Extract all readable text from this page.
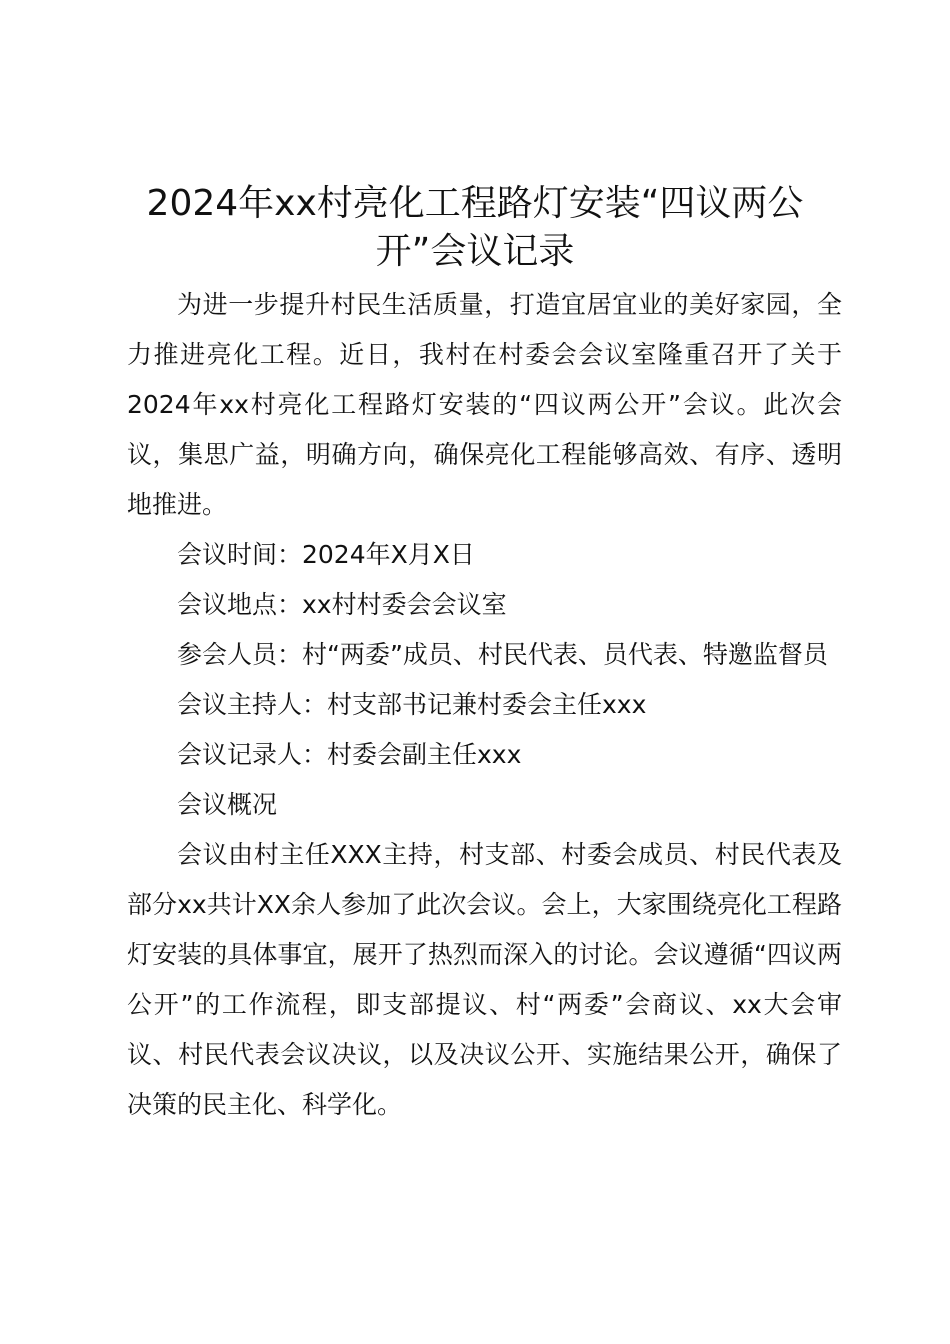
2024年xx村亮化工程路灯安装“四议两公开”会议记录

为进一步提升村民生活质量，打造宜居宜业的美好家园，全力推进亮化工程。近日，我村在村委会会议室隆重召开了关于2024年xx村亮化工程路灯安装的“四议两公开”会议。此次会议，集思广益，明确方向，确保亮化工程能够高效、有序、透明地推进。

会议时间：2024年X月X日

会议地点：xx村村委会会议室

参会人员：村“两委”成员、村民代表、员代表、特邀监督员

会议主持人：村支部书记兼村委会主任xxx

会议记录人：村委会副主任xxx

会议概况

会议由村主任XXX主持，村支部、村委会成员、村民代表及部分xx共计XX余人参加了此次会议。会上，大家围绕亮化工程路灯安装的具体事宜，展开了热烈而深入的讨论。会议遵循“四议两公开”的工作流程，即支部提议、村“两委”会商议、xx大会审议、村民代表会议决议，以及决议公开、实施结果公开，确保了决策的民主化、科学化。
